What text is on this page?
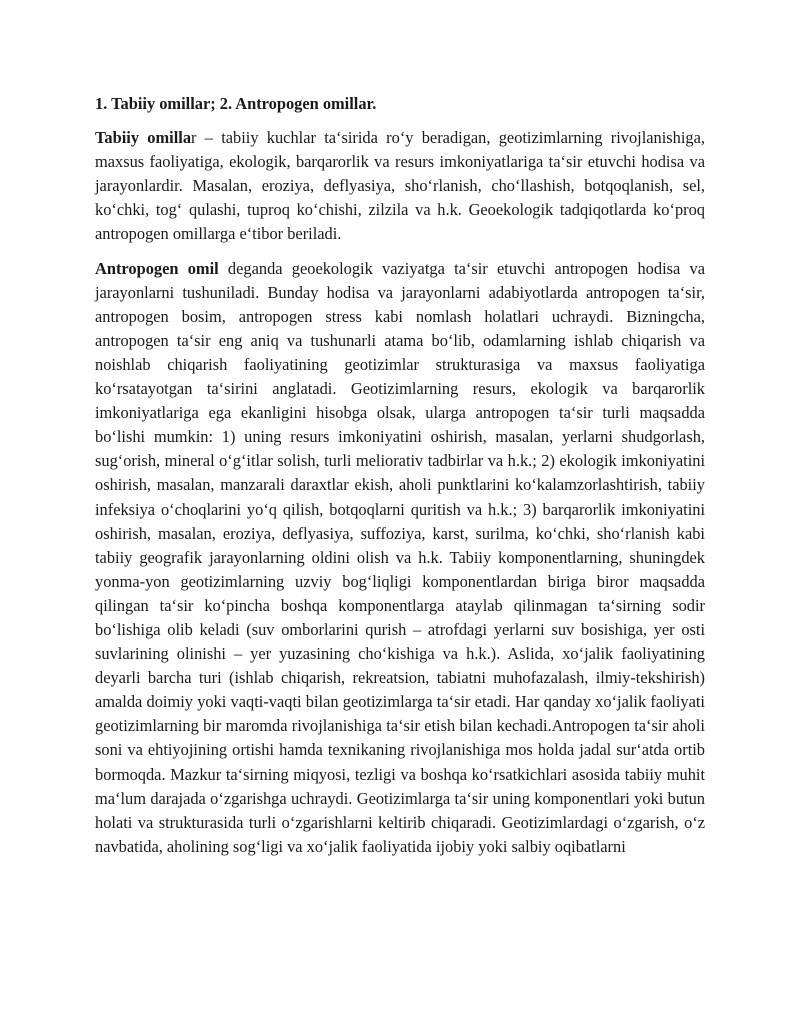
1. Tabiiy omillar; 2. Antropogen omillar.

Tabiiy omillar – tabiiy kuchlar ta‘sirida ro‘y beradigan, geotizimlarning rivojlanishiga, maxsus faoliyatiga, ekologik, barqarorlik va resurs imkoniyatlariga ta‘sir etuvchi hodisa va jarayonlardir. Masalan, eroziya, deflyasiya, sho‘rlanish, cho‘llashish, botqoqlanish, sel, ko‘chki, tog‘ qulashi, tuproq ko‘chishi, zilzila va h.k. Geoekologik tadqiqotlarda ko‘proq antropogen omillarga e‘tibor beriladi.

Antropogen omil deganda geoekologik vaziyatga ta‘sir etuvchi antropogen hodisa va jarayonlarni tushuniladi. Bunday hodisa va jarayonlarni adabiyotlarda antropogen ta‘sir, antropogen bosim, antropogen stress kabi nomlash holatlari uchraydi. Bizningcha, antropogen ta‘sir eng aniq va tushunarli atama bo‘lib, odamlarning ishlab chiqarish va noishlab chiqarish faoliyatining geotizimlar strukturasiga va maxsus faoliyatiga ko‘rsatayotgan ta‘sirini anglatadi. Geotizimlarning resurs, ekologik va barqarorlik imkoniyatlariga ega ekanligini hisobga olsak, ularga antropogen ta‘sir turli maqsadda bo‘lishi mumkin: 1) uning resurs imkoniyatini oshirish, masalan, yerlarni shudgorlash, sug‘orish, mineral o‘g‘itlar solish, turli meliorativ tadbirlar va h.k.; 2) ekologik imkoniyatini oshirish, masalan, manzarali daraxtlar ekish, aholi punktlarini ko‘kalamzorlashtirish, tabiiy infeksiya o‘choqlarini yo‘q qilish, botqoqlarni quritish va h.k.; 3) barqarorlik imkoniyatini oshirish, masalan, eroziya, deflyasiya, suffoziya, karst, surilma, ko‘chki, sho‘rlanish kabi tabiiy geografik jarayonlarning oldini olish va h.k. Tabiiy komponentlarning, shuningdek yonma-yon geotizimlarning uzviy bog‘liqligi komponentlardan biriga biror maqsadda qilingan ta‘sir ko‘pincha boshqa komponentlarga ataylab qilinmagan ta‘sirning sodir bo‘lishiga olib keladi (suv omborlarini qurish – atrofdagi yerlarni suv bosishiga, yer osti suvlarining olinishi – yer yuzasining cho‘kishiga va h.k.). Aslida, xo‘jalik faoliyatining deyarli barcha turi (ishlab chiqarish, rekreatsion, tabiatni muhofazalash, ilmiy-tekshirish) amalda doimiy yoki vaqti-vaqti bilan geotizimlarga ta‘sir etadi. Har qanday xo‘jalik faoliyati geotizimlarning bir maromda rivojlanishiga ta‘sir etish bilan kechadi.Antropogen ta‘sir aholi soni va ehtiyojining ortishi hamda texnikaning rivojlanishiga mos holda jadal sur‘atda ortib bormoqda. Mazkur ta‘sirning miqyosi, tezligi va boshqa ko‘rsatkichlari asosida tabiiy muhit ma‘lum darajada o‘zgarishga uchraydi. Geotizimlarga ta‘sir uning komponentlari yoki butun holati va strukturasida turli o‘zgarishlarni keltirib chiqaradi. Geotizimlardagi o‘zgarish, o‘z navbatida, aholining sog‘ligi va xo‘jalik faoliyatida ijobiy yoki salbiy oqibatlarni
